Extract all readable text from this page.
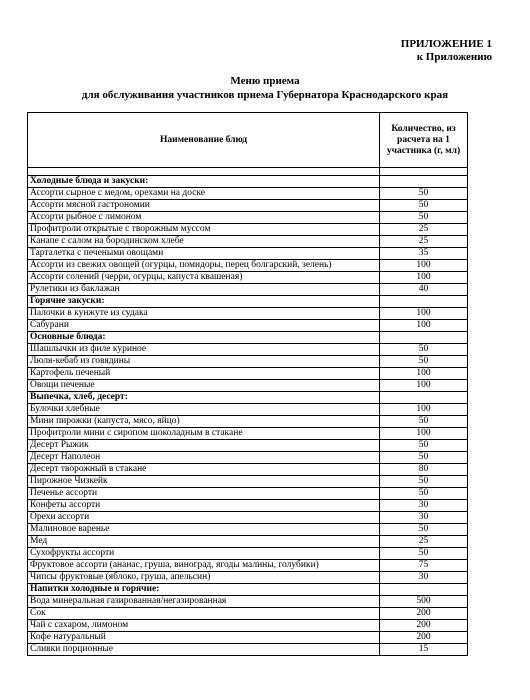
ПРИЛОЖЕНИЕ 1
к Приложению
Меню приема
для обслуживания участников приема Губернатора Краснодарского края
Наименование блюд	Количество, из расчета на 1 участника (г, мл)

Холодные блюда и закуски:	
Ассорти сырное с медом, орехами на доске	50
Ассорти мясной гастрономии	50
Ассорти рыбное с лимоном	50
Профитроли открытые с творожным муссом	25
Канапе с салом на бородинском хлебе	25
Тарталетка с печеными овощами	35
Ассорти из свежих овощей (огурцы, помидоры, перец болгарский, зелень)	100
Ассорти солений (черри, огурцы, капуста квашеная)	100
Рулетики из баклажан	40
Горячие закуски:	
Палочки в кунжуте из судака	100
Сабурани	100
Основные блюда:	
Шашлычки из филе куриное	50
Люля-кебаб из говядины	50
Картофель печеный	100
Овощи печеные	100
Выпечка, хлеб, десерт:	
Булочки хлебные	100
Мини пирожки (капуста, мясо, яйцо)	50
Профитроли мини с сиропом шоколадным в стакане	100
Десерт Рыжик	50
Десерт Наполеон	50
Десерт творожный в стакане	80
Пирожное Чизкейк	50
Печенье ассорти	50
Конфеты ассорти	30
Орехи ассорти	30
Малиновое варенье	50
Мед	25
Сухофрукты ассорти	50
Фруктовое ассорти (ананас, груша, виноград, ягоды малины, голубики)	75
Чипсы фруктовые (яблоко, груша, апельсин)	30
Напитки холодные и горячие:	
Вода минеральная газированная/негазированная	500
Сок	200
Чай с сахаром, лимоном	200
Кофе натуральный	200
Сливки порционные	15
